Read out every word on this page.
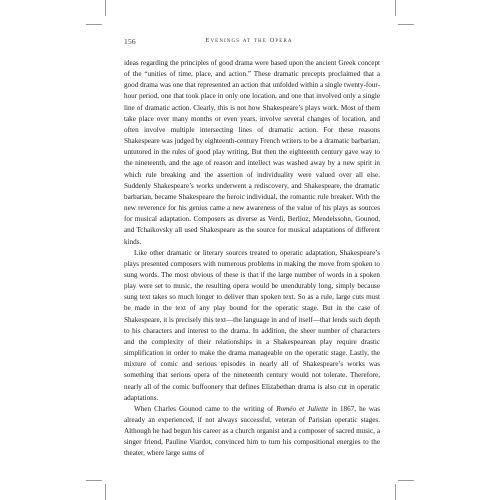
156	Evenings at the Opera

ideas regarding the principles of good drama were based upon the ancient Greek concept of the “unities of time, place, and action.” These dramatic precepts proclaimed that a good drama was one that represented an action that unfolded within a single twenty-four-hour period, one that took place in only one location, and one that involved only a single line of dramatic action. Clearly, this is not how Shakespeare’s plays work. Most of them take place over many months or even years, involve several changes of location, and often involve multiple intersecting lines of dramatic action. For these reasons Shakespeare was judged by eighteenth-century French writers to be a dramatic barbarian, untutored in the rules of good play writing. But then the eighteenth century gave way to the nineteenth, and the age of reason and intellect was washed away by a new spirit in which rule breaking and the assertion of individuality were valued over all else. Suddenly Shakespeare’s works underwent a rediscovery, and Shakespeare, the dramatic barbarian, became Shakespeare the heroic individual, the romantic rule breaker. With the new reverence for his genius came a new awareness of the value of his plays as sources for musical adaptation. Composers as diverse as Verdi, Berlioz, Mendelssohn, Gounod, and Tchaikovsky all used Shakespeare as the source for musical adaptations of different kinds.

Like other dramatic or literary sources treated to operatic adaptation, Shakespeare’s plays presented composers with numerous problems in making the move from spoken to sung words. The most obvious of these is that if the large number of words in a spoken play were set to music, the resulting opera would be unendurably long, simply because sung text takes so much longer to deliver than spoken text. So as a rule, large cuts must be made in the text of any play bound for the operatic stage. But in the case of Shakespeare, it is precisely this text—the language in and of itself—that lends such depth to his characters and interest to the drama. In addition, the sheer number of characters and the complexity of their relationships in a Shakespearean play require drastic simplification in order to make the drama manageable on the operatic stage. Lastly, the mixture of comic and serious episodes in nearly all of Shakespeare’s works was something that serious opera of the nineteenth century would not tolerate. Therefore, nearly all of the comic buffoonery that defines Elizabethan drama is also cut in operatic adaptations.

When Charles Gounod came to the writing of Roméo et Juliette in 1867, he was already an experienced, if not always successful, veteran of Parisian operatic stages. Although he had begun his career as a church organist and a composer of sacred music, a singer friend, Pauline Viardot, convinced him to turn his compositional energies to the theater, where large sums of
